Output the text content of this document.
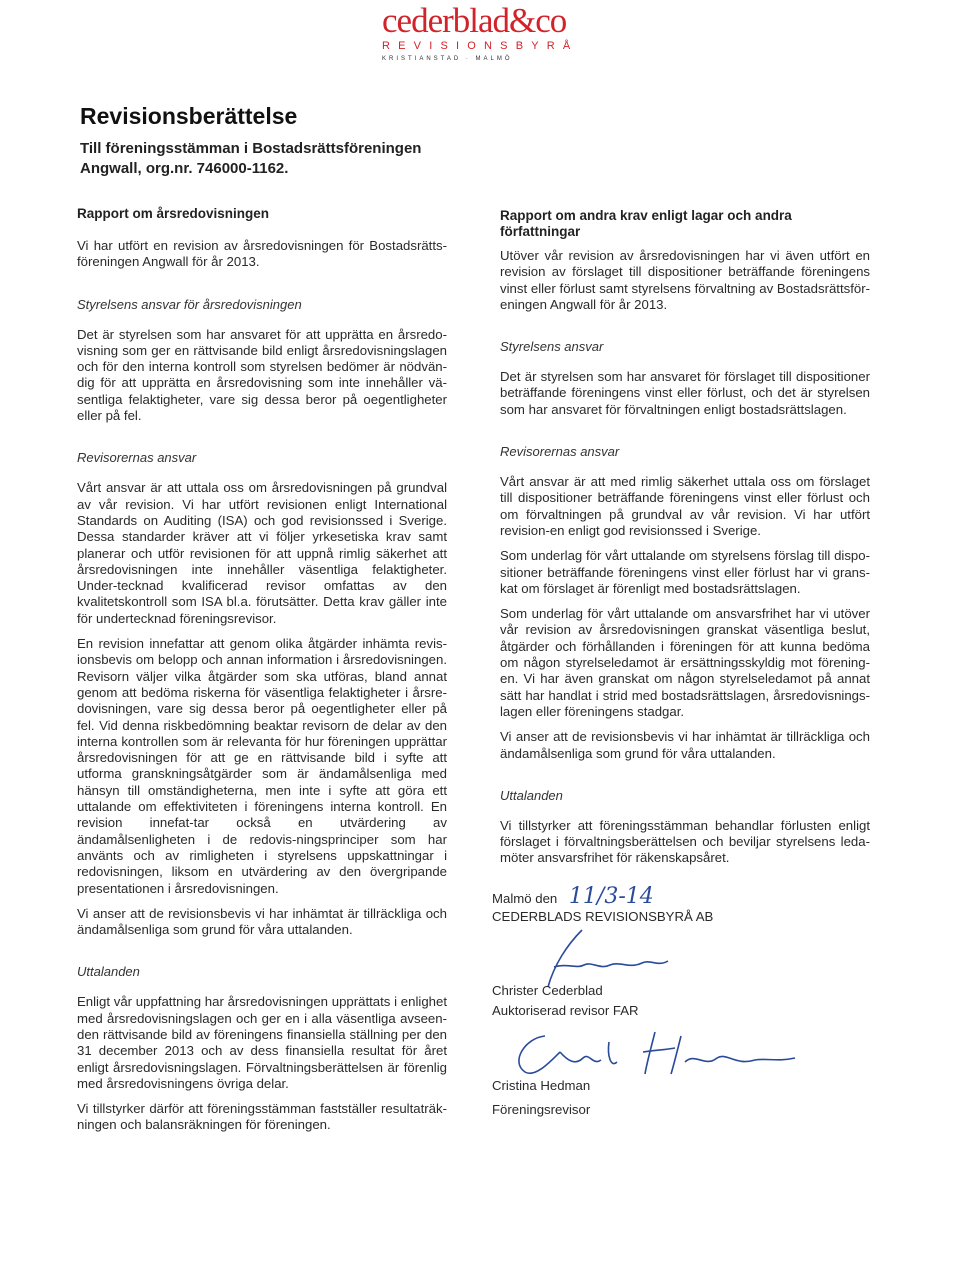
cederblad&co
REVISIONSBYRÅ
KRISTIANSTAD · MALMÖ
Revisionsberättelse
Till föreningsstämman i Bostadsrättsföreningen
Angwall, org.nr. 746000-1162.
Rapport om årsredovisningen

Vi har utfört en revision av årsredovisningen för Bostadsrätts-föreningen Angwall för år 2013.

Styrelsens ansvar för årsredovisningen

Det är styrelsen som har ansvaret för att upprätta en årsredo-visning som ger en rättvisande bild enligt årsredovisningslagen och för den interna kontroll som styrelsen bedömer är nödvän-dig för att upprätta en årsredovisning som inte innehåller vä-sentliga felaktigheter, vare sig dessa beror på oegentligheter eller på fel.

Revisorernas ansvar

Vårt ansvar är att uttala oss om årsredovisningen på grundval av vår revision. Vi har utfört revisionen enligt International Standards on Auditing (ISA) och god revisionssed i Sverige. Dessa standarder kräver att vi följer yrkesetiska krav samt planerar och utför revisionen för att uppnå rimlig säkerhet att årsredovisningen inte innehåller väsentliga felaktigheter. Under-tecknad kvalificerad revisor omfattas av den kvalitetskontroll som ISA bl.a. förutsätter. Detta krav gäller inte för undertecknad föreningsrevisor.

En revision innefattar att genom olika åtgärder inhämta revis-ionsbevis om belopp och annan information i årsredovisningen. Revisorn väljer vilka åtgärder som ska utföras, bland annat genom att bedöma riskerna för väsentliga felaktigheter i årsre-dovisningen, vare sig dessa beror på oegentligheter eller på fel. Vid denna riskbedömning beaktar revisorn de delar av den interna kontrollen som är relevanta för hur föreningen upprättar årsredovisningen för att ge en rättvisande bild i syfte att utforma granskningsåtgärder som är ändamålsenliga med hänsyn till omständigheterna, men inte i syfte att göra ett uttalande om effektiviteten i föreningens interna kontroll. En revision innefat-tar också en utvärdering av ändamålsenligheten i de redovis-ningsprinciper som har använts och av rimligheten i styrelsens uppskattningar i redovisningen, liksom en utvärdering av den övergripande presentationen i årsredovisningen.

Vi anser att de revisionsbevis vi har inhämtat är tillräckliga och ändamålsenliga som grund för våra uttalanden.

Uttalanden

Enligt vår uppfattning har årsredovisningen upprättats i enlighet med årsredovisningslagen och ger en i alla väsentliga avseen-den rättvisande bild av föreningens finansiella ställning per den 31 december 2013 och av dess finansiella resultat för året enligt årsredovisningslagen. Förvaltningsberättelsen är förenlig med årsredovisningens övriga delar.

Vi tillstyrker därför att föreningsstämman fastställer resultaträk-ningen och balansräkningen för föreningen.

Rapport om andra krav enligt lagar och andra författningar

Utöver vår revision av årsredovisningen har vi även utfört en revision av förslaget till dispositioner beträffande föreningens vinst eller förlust samt styrelsens förvaltning av Bostadsrättsför-eningen Angwall för år 2013.

Styrelsens ansvar

Det är styrelsen som har ansvaret för förslaget till dispositioner beträffande föreningens vinst eller förlust, och det är styrelsen som har ansvaret för förvaltningen enligt bostadsrättslagen.

Revisorernas ansvar

Vårt ansvar är att med rimlig säkerhet uttala oss om förslaget till dispositioner beträffande föreningens vinst eller förlust och om förvaltningen på grundval av vår revision. Vi har utfört revision-en enligt god revisionssed i Sverige.

Som underlag för vårt uttalande om styrelsens förslag till dispo-sitioner beträffande föreningens vinst eller förlust har vi grans-kat om förslaget är förenligt med bostadsrättslagen.

Som underlag för vårt uttalande om ansvarsfrihet har vi utöver vår revision av årsredovisningen granskat väsentliga beslut, åtgärder och förhållanden i föreningen för att kunna bedöma om någon styrelseledamot är ersättningsskyldig mot förening-en. Vi har även granskat om någon styrelseledamot på annat sätt har handlat i strid med bostadsrättslagen, årsredovisnings-lagen eller föreningens stadgar.

Vi anser att de revisionsbevis vi har inhämtat är tillräckliga och ändamålsenliga som grund för våra uttalanden.

Uttalanden

Vi tillstyrker att föreningsstämman behandlar förlusten enligt förslaget i förvaltningsberättelsen och beviljar styrelsens leda-möter ansvarsfrihet för räkenskapsåret.

Malmö den 11/3-14
CEDERBLADS REVISIONSBYRÅ AB
Christer Cederblad
Auktoriserad revisor FAR
Cristina Hedman
Föreningsrevisor
